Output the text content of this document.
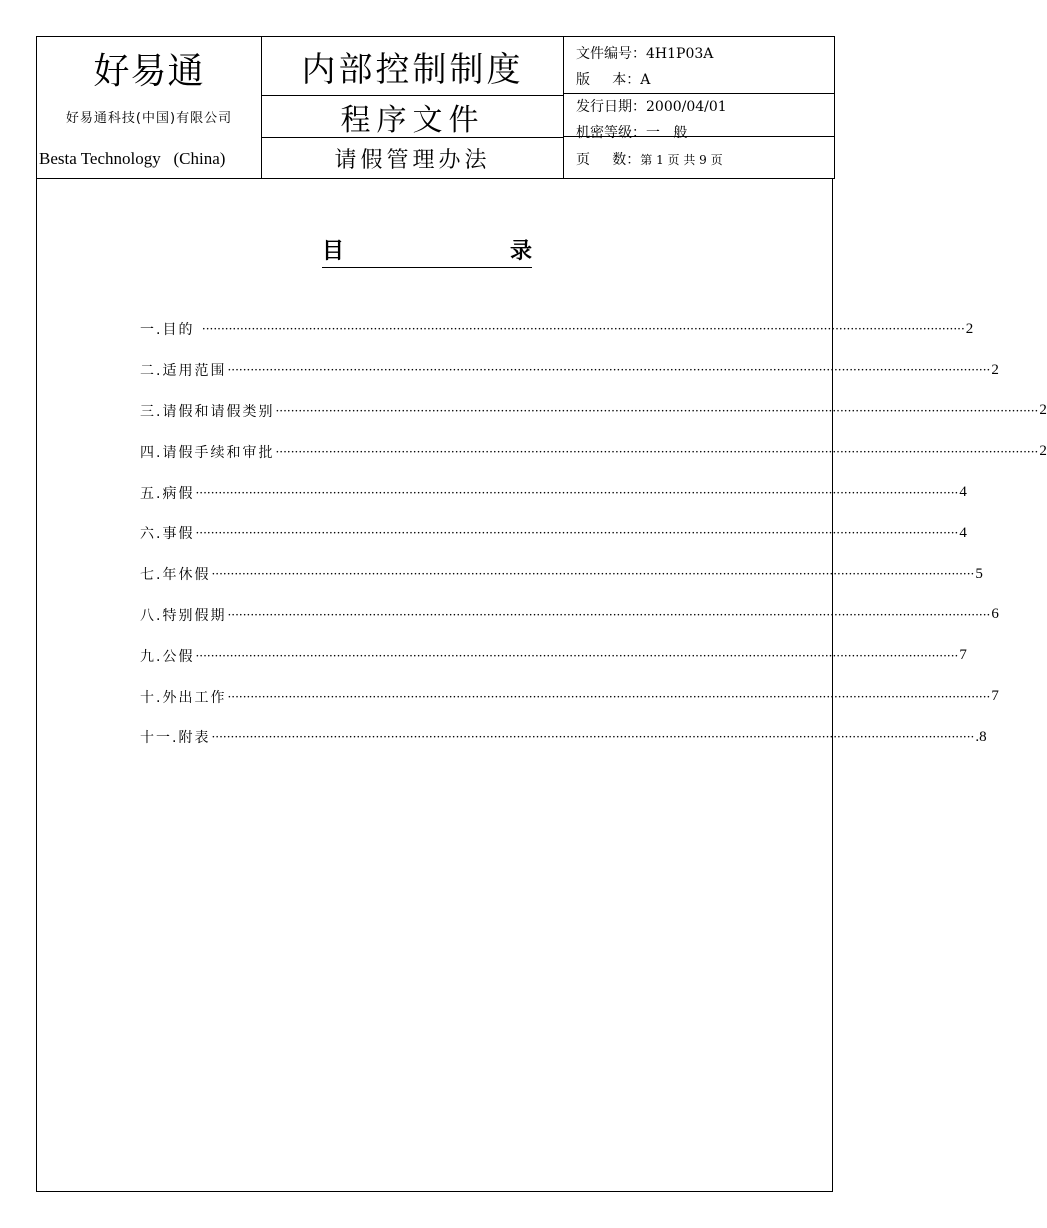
好易通
好易通科技(中国)有限公司
Besta Technology   (China)
内部控制制度
程序文件
请假管理办法
文件编号：4H1P03A
版     本：A
发行日期：2000/04/01
机密等级：一   般
页     数：第 1 页 共 9 页
目	录
一.目的 ········································································································································································································ 2
二.适用范围 ········································································································································································································ 2
三.请假和请假类别 ········································································································································································································ 2
四.请假手续和审批 ········································································································································································································ 2
五.病假 ········································································································································································································ 4
六.事假 ········································································································································································································ 4
七.年休假 ········································································································································································································ 5
八.特别假期 ········································································································································································································ 6
九.公假 ········································································································································································································ 7
十.外出工作 ········································································································································································································ 7
十一.附表 ········································································································································································································ .8
